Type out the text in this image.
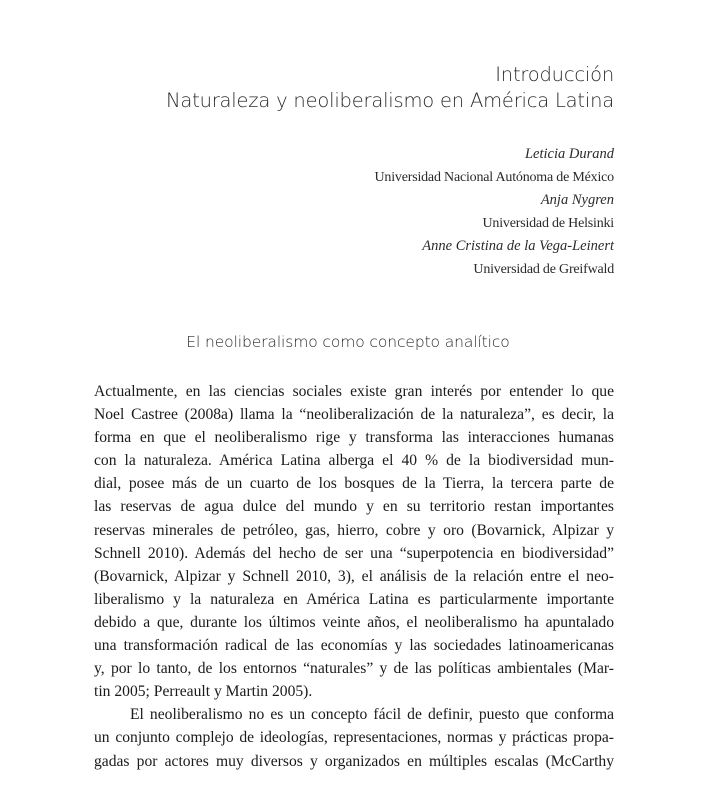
Introducción
Naturaleza y neoliberalismo en América Latina
Leticia Durand
Universidad Nacional Autónoma de México
Anja Nygren
Universidad de Helsinki
Anne Cristina de la Vega-Leinert
Universidad de Greifwald
El neoliberalismo como concepto analítico
Actualmente, en las ciencias sociales existe gran interés por entender lo que
Noel Castree (2008a) llama la “neoliberalización de la naturaleza”, es decir, la
forma en que el neoliberalismo rige y transforma las interacciones humanas
con la naturaleza. América Latina alberga el 40 % de la biodiversidad mun-
dial, posee más de un cuarto de los bosques de la Tierra, la tercera parte de
las reservas de agua dulce del mundo y en su territorio restan importantes
reservas minerales de petróleo, gas, hierro, cobre y oro (Bovarnick, Alpizar y
Schnell 2010). Además del hecho de ser una “superpotencia en biodiversidad”
(Bovarnick, Alpizar y Schnell 2010, 3), el análisis de la relación entre el neo-
liberalismo y la naturaleza en América Latina es particularmente importante
debido a que, durante los últimos veinte años, el neoliberalismo ha apuntalado
una transformación radical de las economías y las sociedades latinoamericanas
y, por lo tanto, de los entornos “naturales” y de las políticas ambientales (Mar-
tin 2005; Perreault y Martin 2005).
El neoliberalismo no es un concepto fácil de definir, puesto que conforma
un conjunto complejo de ideologías, representaciones, normas y prácticas propa-
gadas por actores muy diversos y organizados en múltiples escalas (McCarthy
